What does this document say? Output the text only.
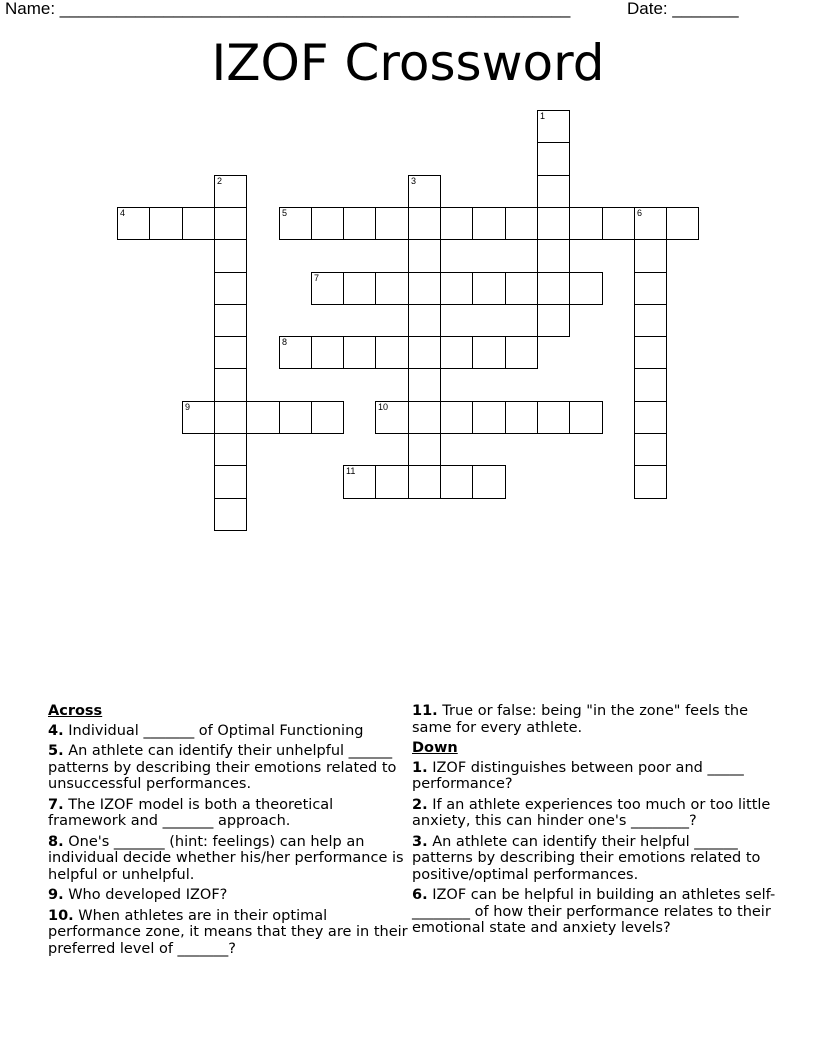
Name: ______________________________________________________	Date: _______
IZOF Crossword
4	5	6
7
8
9	10
11
1
2	3
Across
4. Individual _______ of Optimal Functioning
5. An athlete can identify their unhelpful ______ patterns by describing their emotions related to unsuccessful performances.
7. The IZOF model is both a theoretical framework and _______ approach.
8. One's _______ (hint: feelings) can help an individual decide whether his/her performance is helpful or unhelpful.
9. Who developed IZOF?
10. When athletes are in their optimal performance zone, it means that they are in their preferred level of _______?
11. True or false: being "in the zone" feels the same for every athlete.
Down
1. IZOF distinguishes between poor and _____ performance?
2. If an athlete experiences too much or too little anxiety, this can hinder one's ________?
3. An athlete can identify their helpful ______ patterns by describing their emotions related to positive/optimal performances.
6. IZOF can be helpful in building an athletes self-________ of how their performance relates to their emotional state and anxiety levels?
